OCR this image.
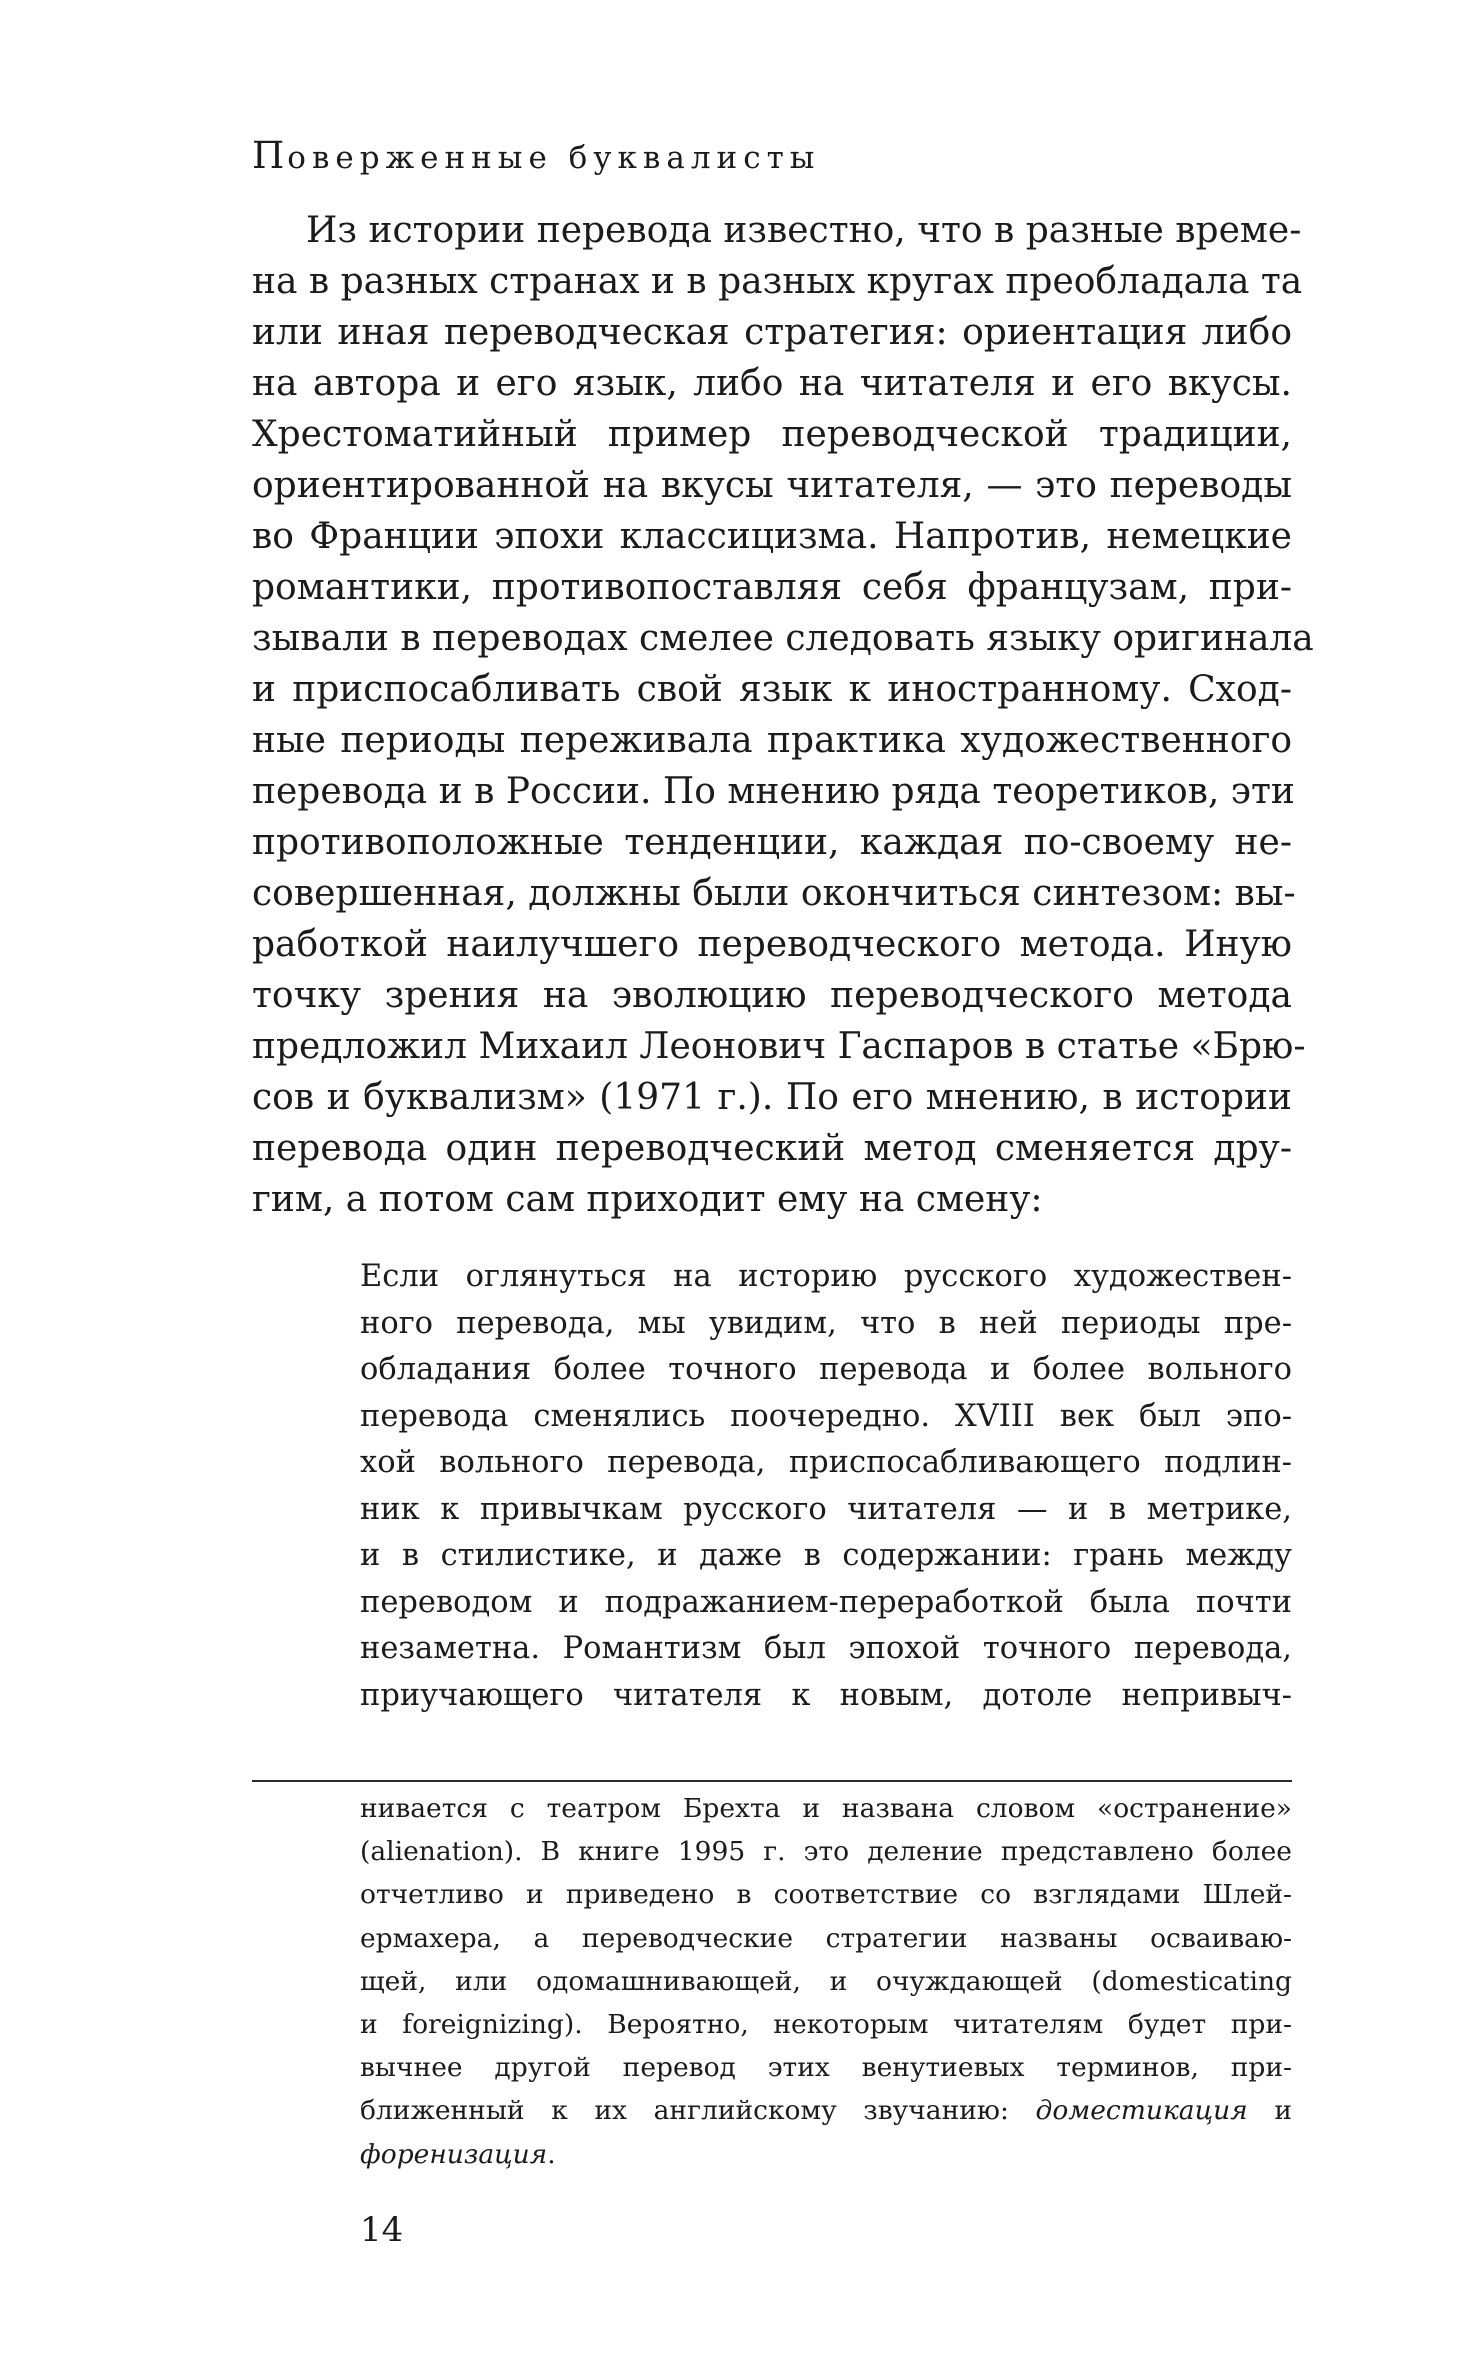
Поверженные буквалисты
Из истории перевода известно, что в разные време-
на в разных странах и в разных кругах преобладала та
или иная переводческая стратегия: ориентация либо
на автора и его язык, либо на читателя и его вкусы.
Хрестоматийный пример переводческой традиции,
ориентированной на вкусы читателя, — это переводы
во Франции эпохи классицизма. Напротив, немецкие
романтики, противопоставляя себя французам, при-
зывали в переводах смелее следовать языку оригинала
и приспосабливать свой язык к иностранному. Сход-
ные периоды переживала практика художественного
перевода и в России. По мнению ряда теоретиков, эти
противоположные тенденции, каждая по-своему не-
совершенная, должны были окончиться синтезом: вы-
работкой наилучшего переводческого метода. Иную
точку зрения на эволюцию переводческого метода
предложил Михаил Леонович Гаспаров в статье «Брю-
сов и буквализм» (1971 г.). По его мнению, в истории
перевода один переводческий метод сменяется дру-
гим, а потом сам приходит ему на смену:
Если оглянуться на историю русского художествен-
ного перевода, мы увидим, что в ней периоды пре-
обладания более точного перевода и более вольного
перевода сменялись поочередно. XVIII век был эпо-
хой вольного перевода, приспосабливающего подлин-
ник к привычкам русского читателя — и в метрике,
и в стилистике, и даже в содержании: грань между
переводом и подражанием-переработкой была почти
незаметна. Романтизм был эпохой точного перевода,
приучающего читателя к новым, дотоле непривыч-
нивается с театром Брехта и названа словом «остранение»
(alienation). В книге 1995 г. это деление представлено более
отчетливо и приведено в соответствие со взглядами Шлей-
ермахера, а переводческие стратегии названы осваиваю-
щей, или одомашнивающей, и очуждающей (domesticating
и foreignizing). Вероятно, некоторым читателям будет при-
вычнее другой перевод этих венутиевых терминов, при-
ближенный к их английскому звучанию: доместикация и
форенизация.
14
